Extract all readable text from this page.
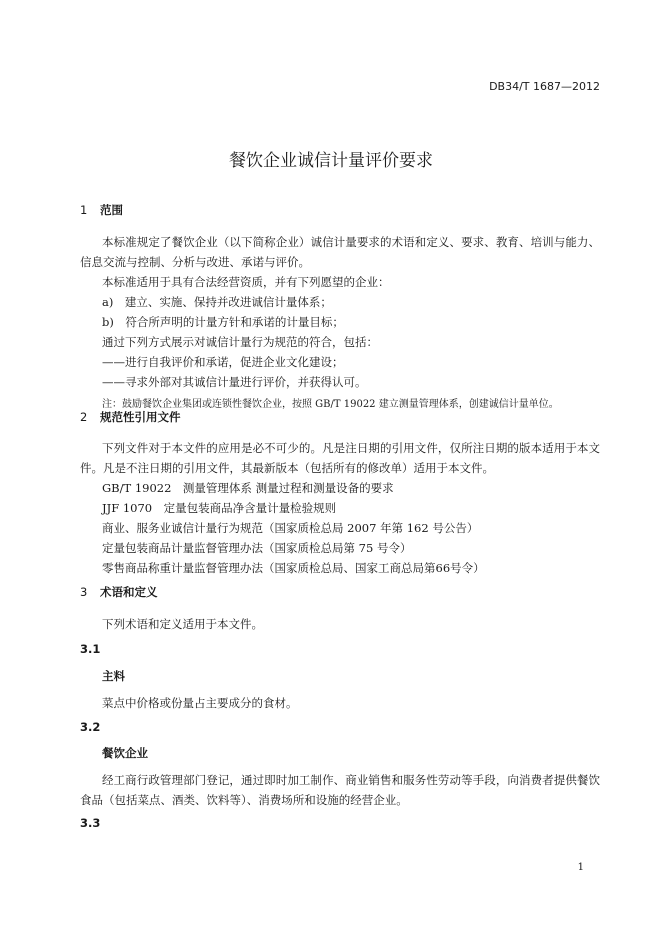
DB34/T 1687—2012
餐饮企业诚信计量评价要求
1 范围
本标准规定了餐饮企业（以下简称企业）诚信计量要求的术语和定义、要求、教育、培训与能力、信息交流与控制、分析与改进、承诺与评价。
本标准适用于具有合法经营资质，并有下列愿望的企业：
a)　建立、实施、保持并改进诚信计量体系；
b)　符合所声明的计量方针和承诺的计量目标；
通过下列方式展示对诚信计量行为规范的符合，包括：
——进行自我评价和承诺，促进企业文化建设；
——寻求外部对其诚信计量进行评价，并获得认可。
注：鼓励餐饮企业集团或连锁性餐饮企业，按照 GB/T 19022 建立测量管理体系，创建诚信计量单位。
2 规范性引用文件
下列文件对于本文件的应用是必不可少的。凡是注日期的引用文件，仅所注日期的版本适用于本文件。凡是不注日期的引用文件，其最新版本（包括所有的修改单）适用于本文件。
GB/T 19022　测量管理体系 测量过程和测量设备的要求
JJF 1070　定量包装商品净含量计量检验规则
商业、服务业诚信计量行为规范（国家质检总局 2007 年第 162 号公告）
定量包装商品计量监督管理办法（国家质检总局第 75 号令）
零售商品称重计量监督管理办法（国家质检总局、国家工商总局第66号令）
3 术语和定义
下列术语和定义适用于本文件。
3.1
主料
菜点中价格或份量占主要成分的食材。
3.2
餐饮企业
经工商行政管理部门登记，通过即时加工制作、商业销售和服务性劳动等手段，向消费者提供餐饮食品（包括菜点、酒类、饮料等）、消费场所和设施的经营企业。
3.3
1
